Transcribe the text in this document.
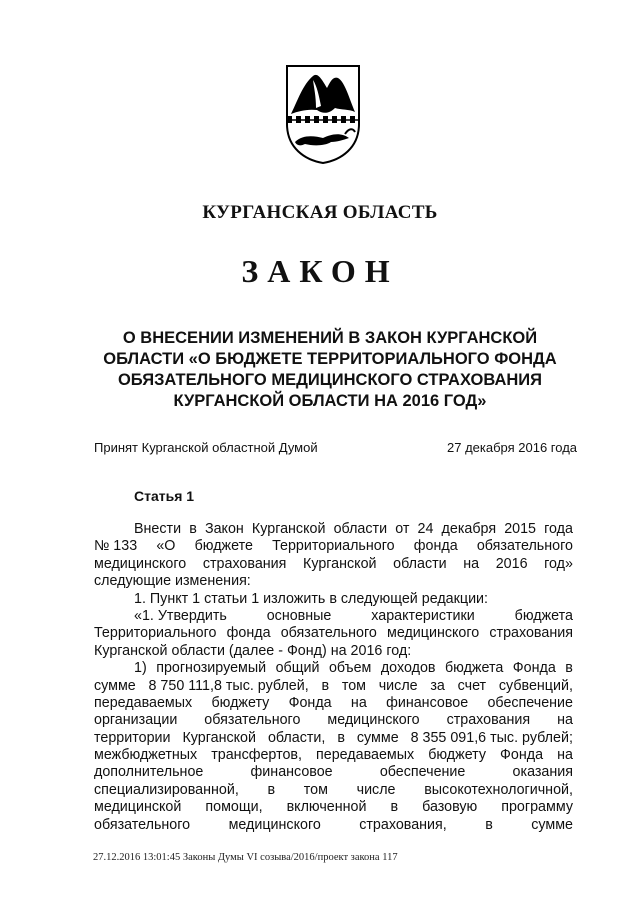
КУРГАНСКАЯ ОБЛАСТЬ
ЗАКОН
О ВНЕСЕНИИ ИЗМЕНЕНИЙ В ЗАКОН КУРГАНСКОЙ
ОБЛАСТИ «О БЮДЖЕТЕ ТЕРРИТОРИАЛЬНОГО ФОНДА
ОБЯЗАТЕЛЬНОГО МЕДИЦИНСКОГО СТРАХОВАНИЯ
КУРГАНСКОЙ ОБЛАСТИ НА 2016 ГОД»
Принят Курганской областной Думой	27 декабря 2016 года
Статья 1
Внести в Закон Курганской области от 24 декабря 2015 года
№ 133 «О бюджете Территориального фонда обязательного
медицинского страхования Курганской области на 2016 год»
следующие изменения:
1. Пункт 1 статьи 1 изложить в следующей редакции:
«1. Утвердить	основные	характеристики	бюджета
Территориального фонда обязательного медицинского страхования
Курганской области (далее - Фонд) на 2016 год:
1) прогнозируемый общий объем доходов бюджета Фонда в
сумме 8 750 111,8 тыс. рублей, в том числе за счет субвенций,
передаваемых бюджету Фонда на финансовое обеспечение
организации обязательного медицинского страхования на
территории Курганской области, в сумме 8 355 091,6 тыс. рублей;
межбюджетных трансфертов, передаваемых бюджету Фонда на
дополнительное	финансовое	обеспечение	оказания
специализированной, в том числе высокотехнологичной,
медицинской помощи, включенной в базовую программу
обязательного	медицинского	страхования,	в	сумме
27.12.2016 13:01:45 Законы Думы VI созыва/2016/проект закона 117
